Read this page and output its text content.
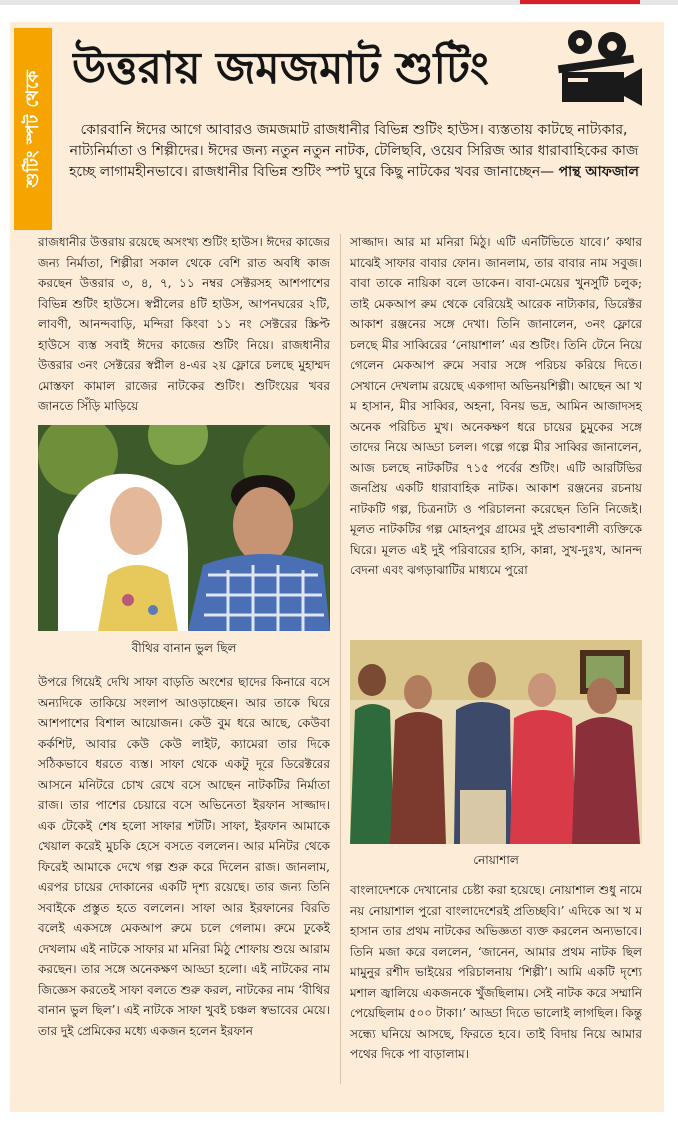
শুটিং স্পট থেকে
উত্তরায় জমজমাট শুটিং
কোরবানি ঈদের আগে আবারও জমজমাট রাজধানীর বিভিন্ন শুটিং হাউস। ব্যস্ততায় কাটছে নাট্যকার, নাট্যনির্মাতা ও শিল্পীদের। ঈদের জন্য নতুন নতুন নাটক, টেলিছবি, ওয়েব সিরিজ আর ধারাবাহিকের কাজ হচ্ছে লাগামহীনভাবে। রাজধানীর বিভিন্ন শুটিং স্পট ঘুরে কিছু নাটকের খবর জানাচ্ছেন— পান্থ আফজাল

রাজধানীর উত্তরায় রয়েছে অসংখ্য শুটিং হাউস। ঈদের কাজের জন্য নির্মাতা, শিল্পীরা সকাল থেকে বেশি রাত অবধি কাজ করছেন উত্তরার ৩, ৪, ৭, ১১ নম্বর সেক্টরসহ আশপাশের বিভিন্ন শুটিং হাউসে। স্বপ্নীলের ৪টি হাউস, আপনঘরের ২টি, লাবণী, আনন্দবাড়ি, মন্দিরা কিংবা ১১ নং সেক্টরের স্ক্রিপ্ট হাউসে ব্যস্ত সবাই ঈদের কাজের শুটিং নিয়ে। রাজধানীর উত্তরার ৩নং সেক্টরের স্বপ্নীল ৪-এর ২য় ফ্লোরে চলছে মুহাম্মদ মোস্তফা কামাল রাজের নাটকের শুটিং। শুটিংয়ের খবর জানতে সিঁড়ি মাড়িয়ে

বীথির বানান ভুল ছিল

উপরে গিয়েই দেখি সাফা বাড়তি অংশের ছাদের কিনারে বসে অন্যদিকে তাকিয়ে সংলাপ আওড়াচ্ছেন। আর তাকে ঘিরে আশপাশের বিশাল আয়োজন। কেউ বুম ধরে আছে, কেউবা কর্কশিট, আবার কেউ কেউ লাইট, ক্যামেরা তার দিকে সঠিকভাবে ধরতে ব্যস্ত। সাফা থেকে একটু দূরে ডিরেক্টরের আসনে মনিটরে চোখ রেখে বসে আছেন নাটকটির নির্মাতা রাজ। তার পাশের চেয়ারে বসে অভিনেতা ইরফান সাজ্জাদ। এক টেকেই শেষ হলো সাফার শটটি। সাফা, ইরফান আমাকে খেয়াল করেই মুচকি হেসে বসতে বললেন। আর মনিটর থেকে ফিরেই আমাকে দেখে গল্প শুরু করে দিলেন রাজ। জানলাম, এরপর চায়ের দোকানের একটি দৃশ্য রয়েছে। তার জন্য তিনি সবাইকে প্রস্তুত হতে বললেন। সাফা আর ইরফানের বিরতি বলেই একসঙ্গে মেকআপ রুমে চলে গেলাম। রুমে ঢুকেই দেখলাম এই নাটকে সাফার মা মনিরা মিঠু শোফায় শুয়ে আরাম করছেন। তার সঙ্গে অনেকক্ষণ আড্ডা হলো। এই নাটকের নাম জিজ্ঞেস করতেই সাফা বলতে শুরু করল, নাটকের নাম ‘বীথির বানান ভুল ছিল’। এই নাটকে সাফা খুবই চঞ্চল স্বভাবের মেয়ে। তার দুই প্রেমিকের মধ্যে একজন হলেন ইরফান

সাজ্জাদ। আর মা মনিরা মিঠু। এটি এনটিভিতে যাবে।’ কথার মাঝেই সাফার বাবার ফোন। জানলাম, তার বাবার নাম সবুজ। বাবা তাকে নায়িকা বলে ডাকেন। বাবা-মেয়ের খুনসুটি চলুক; তাই মেকআপ রুম থেকে বেরিয়েই আরেক নাট্যকার, ডিরেক্টর আকাশ রঞ্জনের সঙ্গে দেখা। তিনি জানালেন, ৩নং ফ্লোরে চলছে মীর সাব্বিরের ‘নোয়াশাল’ এর শুটিং। তিনি টেনে নিয়ে গেলেন মেকআপ রুমে সবার সঙ্গে পরিচয় করিয়ে দিতে। সেখানে দেখলাম রয়েছে একগাদা অভিনয়শিল্পী। আছেন আ খ ম হাসান, মীর সাব্বির, অহনা, বিনয় ভদ্র, আমিন আজাদসহ অনেক পরিচিত মুখ। অনেকক্ষণ ধরে চায়ের চুমুকের সঙ্গে তাদের নিয়ে আড্ডা চলল। গল্পে গল্পে মীর সাব্বির জানালেন, আজ চলছে নাটকটির ৭১৫ পর্বের শুটিং। এটি আরটিভির জনপ্রিয় একটি ধারাবাহিক নাটক। আকাশ রঞ্জনের রচনায় নাটকটি গল্প, চিত্রনাট্য ও পরিচালনা করেছেন তিনি নিজেই। মূলত নাটকটির গল্প মোহনপুর গ্রামের দুই প্রভাবশালী ব্যক্তিকে ঘিরে। মূলত এই দুই পরিবারের হাসি, কান্না, সুখ-দুঃখ, আনন্দ বেদনা এবং ঝগড়াঝাটির মাধ্যমে পুরো

নোয়াশাল

বাংলাদেশকে দেখানোর চেষ্টা করা হয়েছে। নোয়াশাল শুধু নামে নয় নোয়াশাল পুরো বাংলাদেশেরই প্রতিচ্ছবি।’ এদিকে আ খ ম হাসান তার প্রথম নাটকের অভিজ্ঞতা ব্যক্ত করলেন অন্যভাবে। তিনি মজা করে বললেন, ‘জানেন, আমার প্রথম নাটক ছিল মামুনুর রশীদ ভাইয়ের পরিচালনায় ‘শিল্পী’। আমি একটি দৃশ্যে মশাল জ্বালিয়ে একজনকে খুঁজছিলাম। সেই নাটক করে সম্মানি পেয়েছিলাম ৫০০ টাকা।’ আড্ডা দিতে ভালোই লাগছিল। কিন্তু সন্ধ্যে ঘনিয়ে আসছে, ফিরতে হবে। তাই বিদায় নিয়ে আমার পথের দিকে পা বাড়ালাম।
